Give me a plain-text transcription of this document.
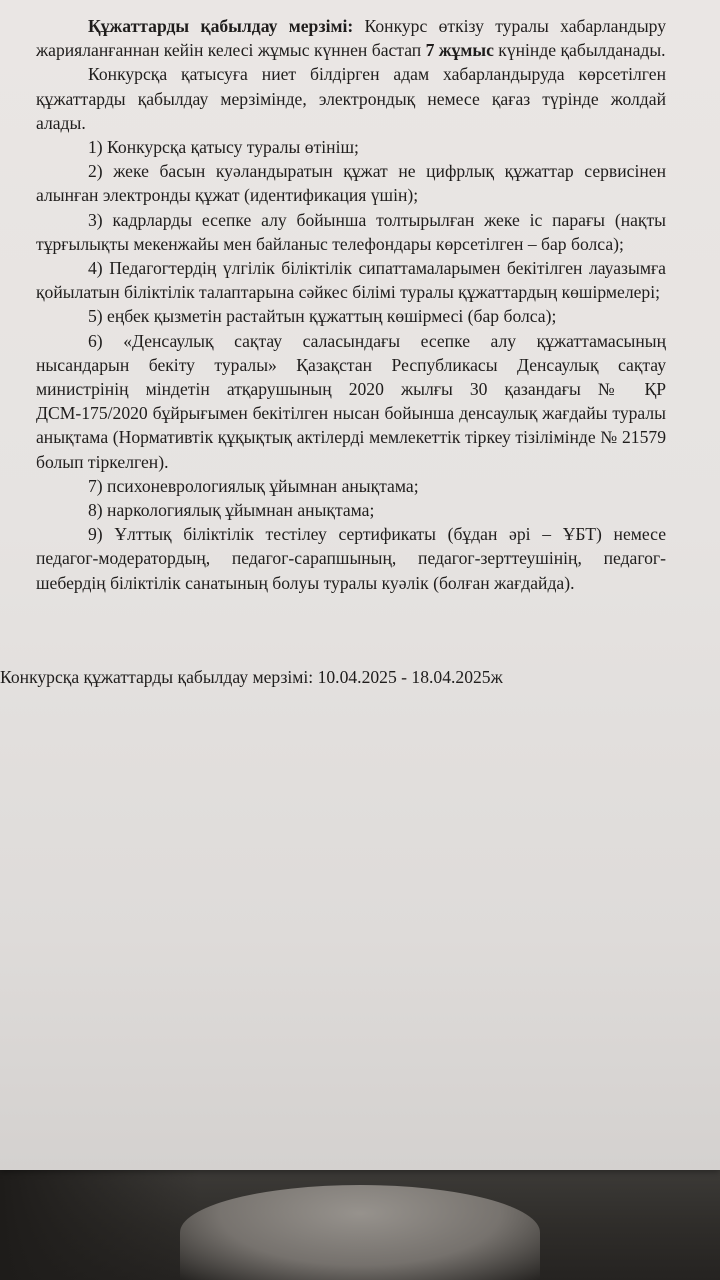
Құжаттарды қабылдау мерзімі: Конкурс өткізу туралы хабарландыру жарияланғаннан кейін келесі жұмыс күннен бастап 7 жұмыс күнінде қабылданады.

Конкурсқа қатысуға ниет білдірген адам хабарландыруда көрсетілген құжаттарды қабылдау мерзімінде, электрондық немесе қағаз түрінде жолдай алады.

1) Конкурсқа қатысу туралы өтініш;

2) жеке басын куәландыратын құжат не цифрлық құжаттар сервисінен алынған электронды құжат (идентификация үшін);

3) кадрларды есепке алу бойынша толтырылған жеке іс парағы (нақты тұрғылықты мекенжайы мен байланыс телефондары көрсетілген – бар болса);

4) Педагогтердің үлгілік біліктілік сипаттамаларымен бекітілген лауазымға қойылатын біліктілік талаптарына сәйкес білімі туралы құжаттардың көшірмелері;

5) еңбек қызметін растайтын құжаттың көшірмесі (бар болса);

6) «Денсаулық сақтау саласындағы есепке алу құжаттамасының нысандарын бекіту туралы» Қазақстан Республикасы Денсаулық сақтау министрінің міндетін атқарушының 2020 жылғы 30 қазандағы № ҚР ДСМ-175/2020 бұйрығымен бекітілген нысан бойынша денсаулық жағдайы туралы анықтама (Нормативтік құқықтық актілерді мемлекеттік тіркеу тізілімінде № 21579 болып тіркелген).

7) психоневрологиялық ұйымнан анықтама;

8) наркологиялық ұйымнан анықтама;

9) Ұлттық біліктілік тестілеу сертификаты (бұдан әрі – ҰБТ) немесе педагог-модератордың, педагог-сарапшының, педагог-зерттеушінің, педагог-шебердің біліктілік санатының болуы туралы куәлік (болған жағдайда).

Конкурсқа құжаттарды қабылдау мерзімі: 10.04.2025 - 18.04.2025ж
